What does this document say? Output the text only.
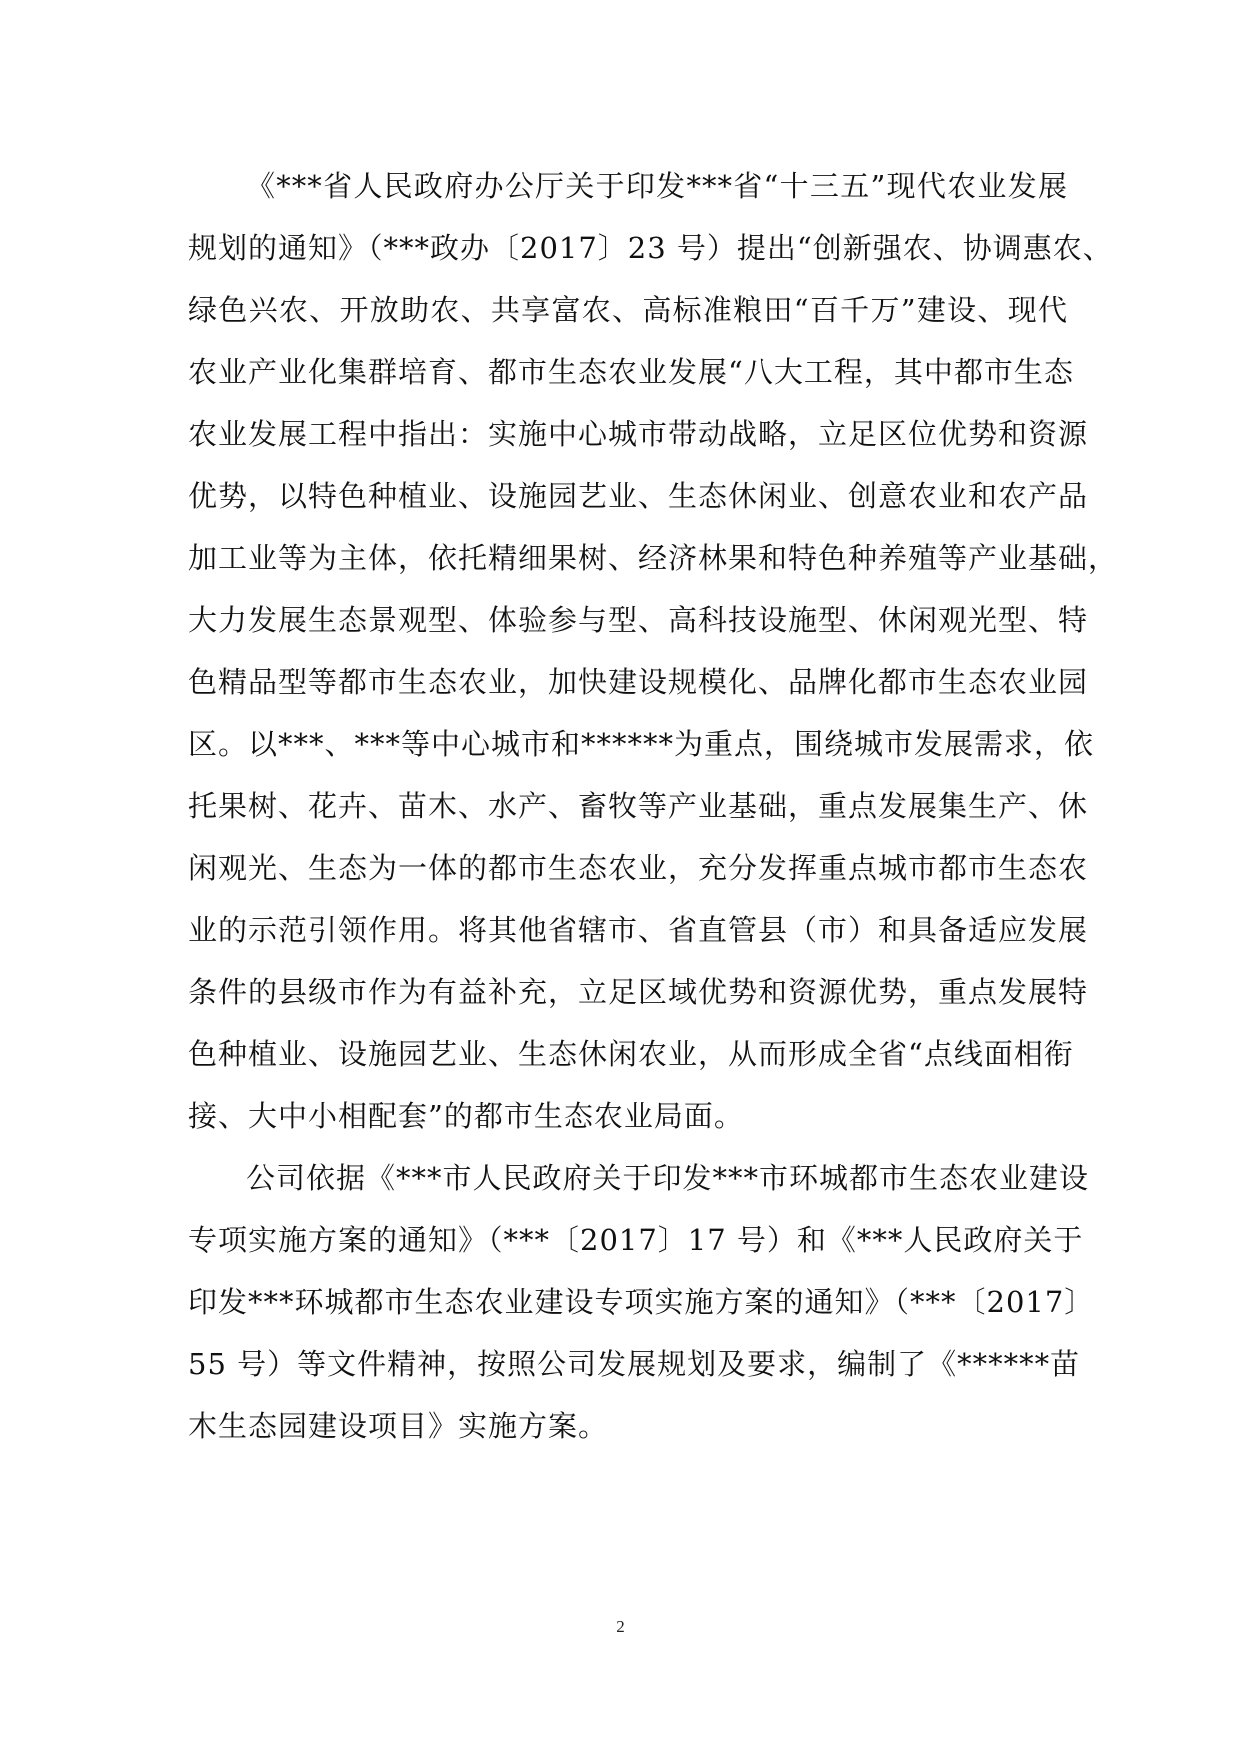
《***省人民政府办公厅关于印发***省“十三五”现代农业发展
规划的通知》（***政办〔2017〕23 号）提出“创新强农、协调惠农、
绿色兴农、开放助农、共享富农、高标准粮田“百千万”建设、现代
农业产业化集群培育、都市生态农业发展“八大工程，其中都市生态
农业发展工程中指出：实施中心城市带动战略，立足区位优势和资源
优势，以特色种植业、设施园艺业、生态休闲业、创意农业和农产品
加工业等为主体，依托精细果树、经济林果和特色种养殖等产业基础，
大力发展生态景观型、体验参与型、高科技设施型、休闲观光型、特
色精品型等都市生态农业，加快建设规模化、品牌化都市生态农业园
区。以***、***等中心城市和******为重点，围绕城市发展需求，依
托果树、花卉、苗木、水产、畜牧等产业基础，重点发展集生产、休
闲观光、生态为一体的都市生态农业，充分发挥重点城市都市生态农
业的示范引领作用。将其他省辖市、省直管县（市）和具备适应发展
条件的县级市作为有益补充，立足区域优势和资源优势，重点发展特
色种植业、设施园艺业、生态休闲农业，从而形成全省“点线面相衔
接、大中小相配套”的都市生态农业局面。
公司依据《***市人民政府关于印发***市环城都市生态农业建设
专项实施方案的通知》（***〔2017〕17 号）和《***人民政府关于
印发***环城都市生态农业建设专项实施方案的通知》（***〔2017〕
55 号）等文件精神，按照公司发展规划及要求，编制了《******苗
木生态园建设项目》实施方案。
2
